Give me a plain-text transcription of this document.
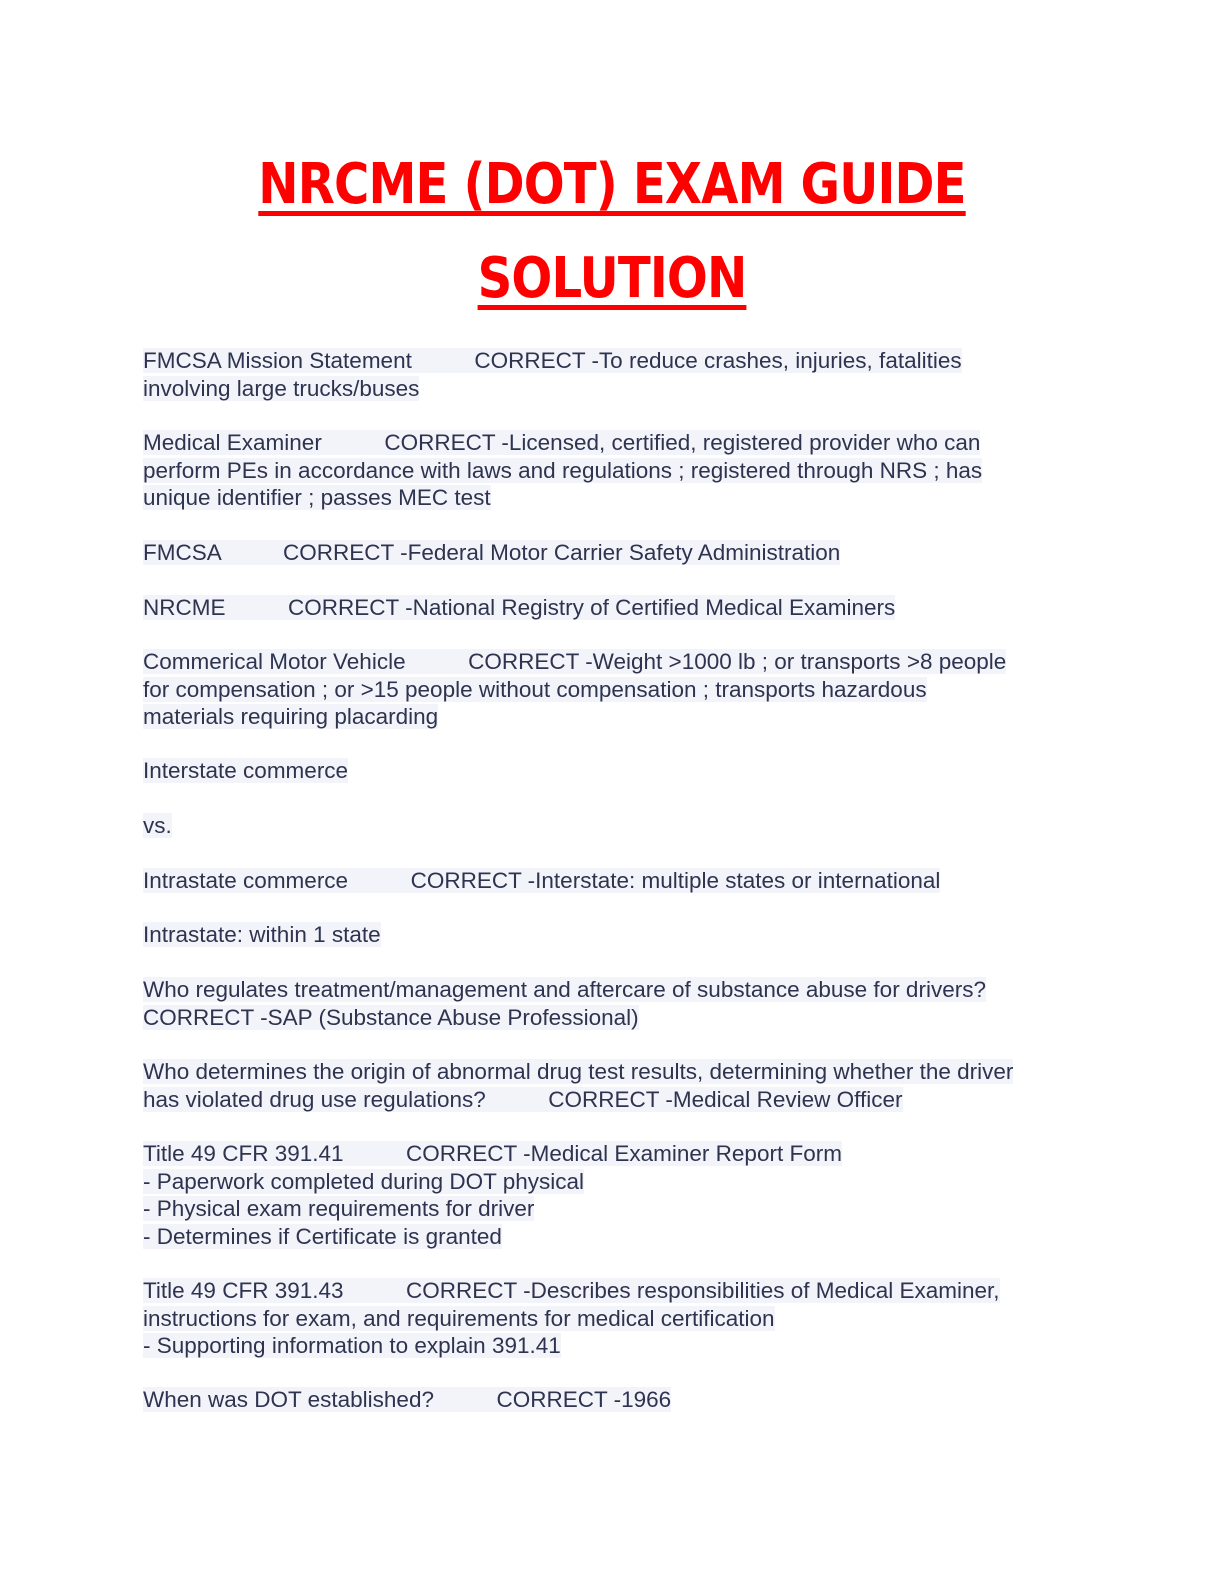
NRCME (DOT) EXAM GUIDE
SOLUTION
FMCSA Mission Statement          CORRECT -To reduce crashes, injuries, fatalities
involving large trucks/buses
Medical Examiner          CORRECT -Licensed, certified, registered provider who can
perform PEs in accordance with laws and regulations ; registered through NRS ; has
unique identifier ; passes MEC test
FMCSA          CORRECT -Federal Motor Carrier Safety Administration
NRCME          CORRECT -National Registry of Certified Medical Examiners
Commerical Motor Vehicle          CORRECT -Weight >1000 lb ; or transports >8 people
for compensation ; or >15 people without compensation ; transports hazardous
materials requiring placarding
Interstate commerce
vs.
Intrastate commerce          CORRECT -Interstate: multiple states or international
Intrastate: within 1 state
Who regulates treatment/management and aftercare of substance abuse for drivers?
CORRECT -SAP (Substance Abuse Professional)
Who determines the origin of abnormal drug test results, determining whether the driver
has violated drug use regulations?          CORRECT -Medical Review Officer
Title 49 CFR 391.41          CORRECT -Medical Examiner Report Form
- Paperwork completed during DOT physical
- Physical exam requirements for driver
- Determines if Certificate is granted
Title 49 CFR 391.43          CORRECT -Describes responsibilities of Medical Examiner,
instructions for exam, and requirements for medical certification
- Supporting information to explain 391.41
When was DOT established?          CORRECT -1966
